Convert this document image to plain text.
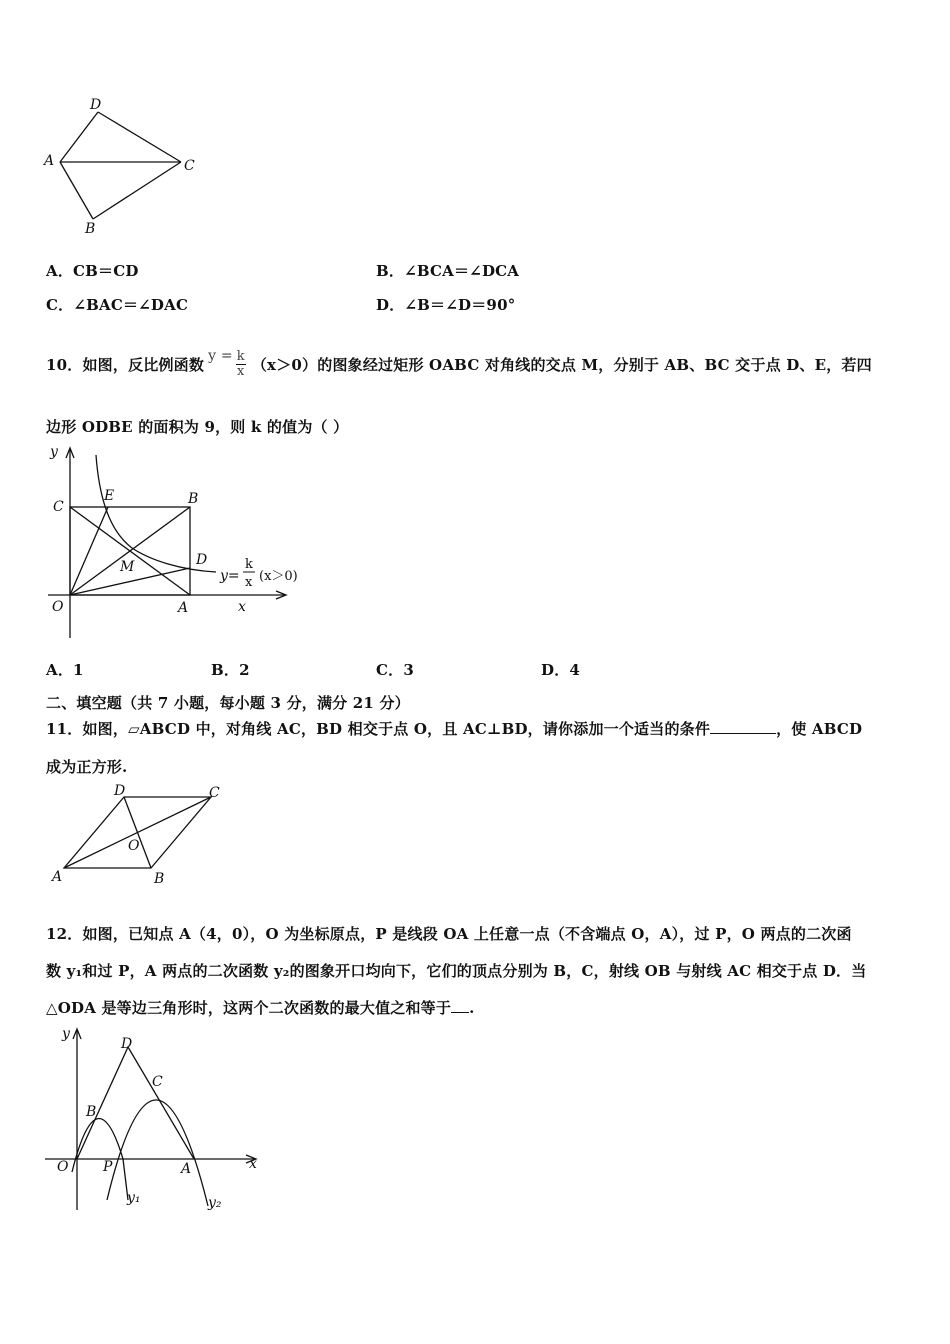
D
A	C
B
A．CB＝CD	B．∠BCA＝∠DCA
C．∠BAC＝∠DAC	D．∠B＝∠D＝90°
10．如图，反比例函数 $y = \frac{k}{x} (x>0)$的图象经过矩形 OABC 对角线的交点 M，分别于 AB、BC 交于点 D、E，若四
边形 ODBE 的面积为 9，则 k 的值为（ ）
y
C
E	B
M	D
O	A	x
y=
k
x (x＞0)
A．1	B．2	C．3	D．4
二、填空题（共 7 小题，每小题 3 分，满分 21 分）
11．如图，▱ABCD 中，对角线 AC，BD 相交于点 O，且 AC⊥BD，请你添加一个适当的条件	，使 ABCD
成为正方形.
D	C
O
A	B
12．如图，已知点 A（4，0），O 为坐标原点，P 是线段 OA 上任意一点（不含端点 O，A），过 P，O 两点的二次函
数 y₁和过 P，A 两点的二次函数 y₂的图象开口均向下，它们的顶点分别为 B，C，射线 OB 与射线 AC 相交于点 D．当
△ODA 是等边三角形时，这两个二次函数的最大值之和等于 .
y
D
C
B
O P	A	x
y₁	y₂
